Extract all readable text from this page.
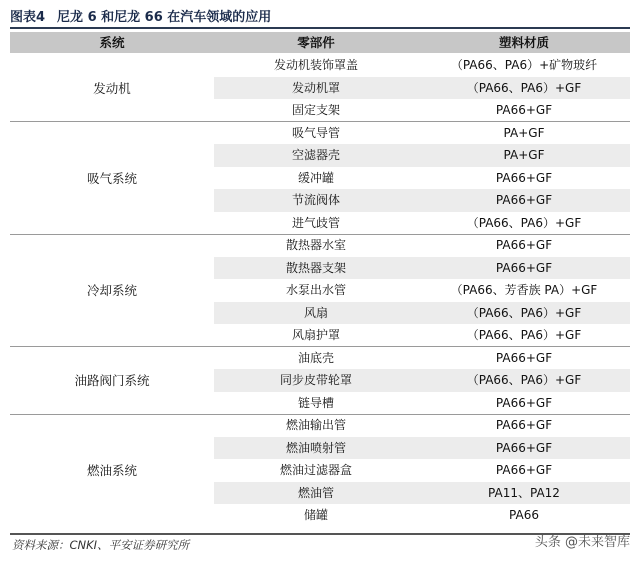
图表4 尼龙 6 和尼龙 66 在汽车领域的应用
系统	零部件	塑料材质
发动机
发动机装饰罩盖	（PA66、PA6）+矿物玻纤
发动机罩	（PA66、PA6）+GF
固定支架	PA66+GF
吸气系统
吸气导管	PA+GF
空滤器壳	PA+GF
缓冲罐	PA66+GF
节流阀体	PA66+GF
进气歧管	（PA66、PA6）+GF
冷却系统
散热器水室	PA66+GF
散热器支架	PA66+GF
水泵出水管	（PA66、芳香族 PA）+GF
风扇	（PA66、PA6）+GF
风扇护罩	（PA66、PA6）+GF
油路阀门系统
油底壳	PA66+GF
同步皮带轮罩	（PA66、PA6）+GF
链导槽	PA66+GF
燃油系统
燃油输出管	PA66+GF
燃油喷射管	PA66+GF
燃油过滤器盒	PA66+GF
燃油管	PA11、PA12
储罐	PA66
资料来源：CNKI、平安证券研究所	头条 @未来智库
